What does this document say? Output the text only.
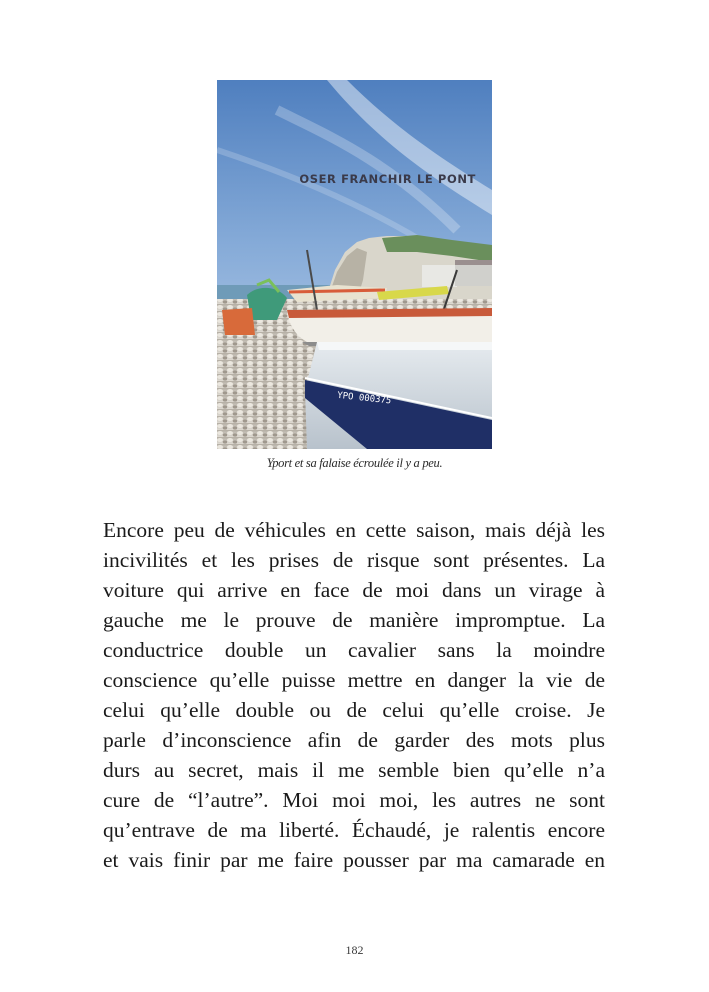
YPO 000375
OSER FRANCHIR LE PONT
Yport et sa falaise écroulée il y a peu.
Encore peu de véhicules en cette saison, mais déjà les
incivilités et les prises de risque sont présentes. La
voiture qui arrive en face de moi dans un virage à
gauche me le prouve de manière impromptue. La
conductrice double un cavalier sans la moindre
conscience qu’elle puisse mettre en danger la vie de
celui qu’elle double ou de celui qu’elle croise. Je
parle d’inconscience afin de garder des mots plus
durs au secret, mais il me semble bien qu’elle n’a
cure de “l’autre”. Moi moi moi, les autres ne sont
qu’entrave de ma liberté. Échaudé, je ralentis encore
et vais finir par me faire pousser par ma camarade en
182
